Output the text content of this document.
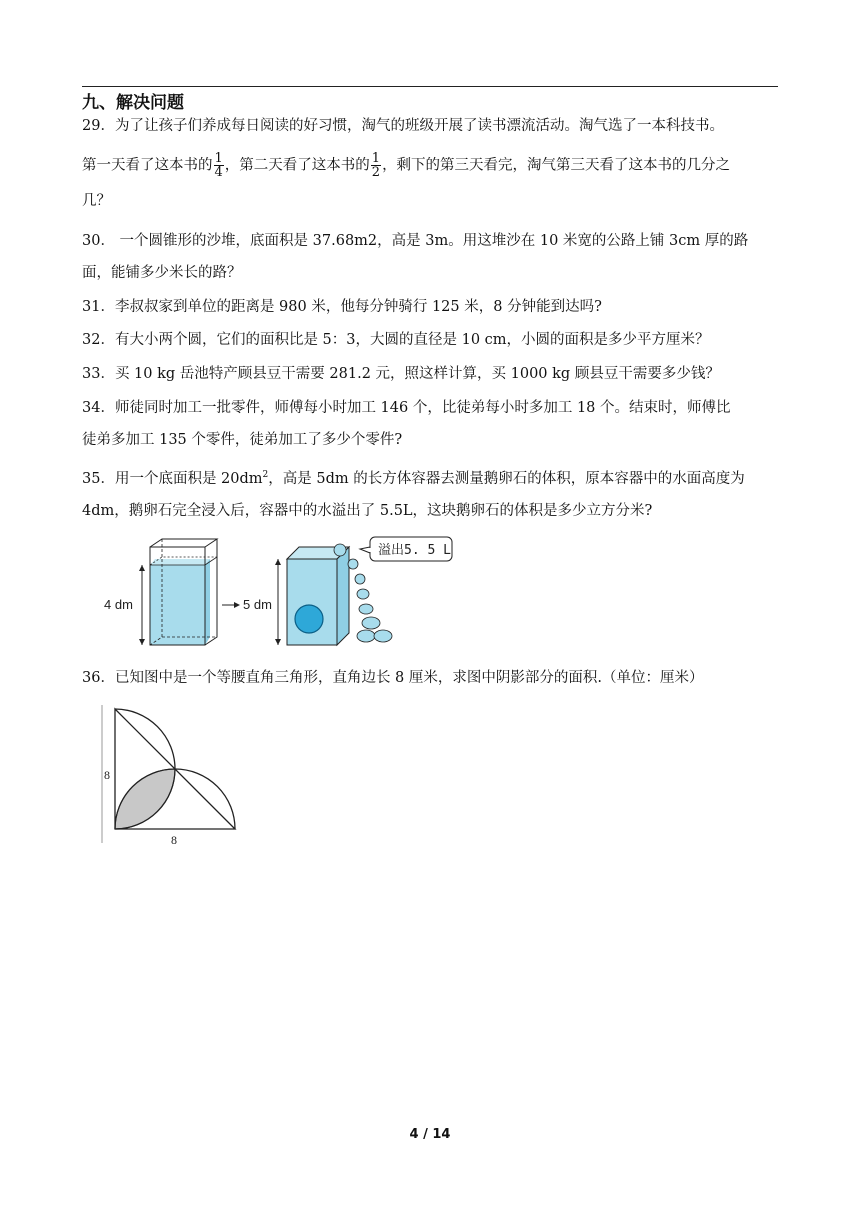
九、解决问题
29．为了让孩子们养成每日阅读的好习惯，淘气的班级开展了读书漂流活动。淘气选了一本科技书。
第一天看了这本书的 $\frac{1}{4}$ ，第二天看了这本书的 $\frac{1}{2}$ ，剩下的第三天看完，淘气第三天看了这本书的几分之
几？
30． 一个圆锥形的沙堆，底面积是 37.68m2，高是 3m。用这堆沙在 10 米宽的公路上铺 3cm 厚的路
面，能铺多少米长的路？
31．李叔叔家到单位的距离是 980 米，他每分钟骑行 125 米，8 分钟能到达吗?
32．有大小两个圆，它们的面积比是 5：3，大圆的直径是 10 cm，小圆的面积是多少平方厘米？
33．买 10 kg 岳池特产顾县豆干需要 281.2 元，照这样计算，买 1000 kg 顾县豆干需要多少钱？
34．师徒同时加工一批零件，师傅每小时加工 146 个，比徒弟每小时多加工 18 个。结束时，师傅比
徒弟多加工 135 个零件，徒弟加工了多少个零件?
35．用一个底面积是 $20dm^2$，高是 5dm 的长方体容器去测量鹅卵石的体积，原本容器中的水面高度为
4dm，鹅卵石完全浸入后，容器中的水溢出了 5.5L，这块鹅卵石的体积是多少立方分米?
4 dm	5 dm
溢出5. 5 L
36．已知图中是一个等腰直角三角形，直角边长 8 厘米，求图中阴影部分的面积.（单位：厘米）
8
8
4 / 14
